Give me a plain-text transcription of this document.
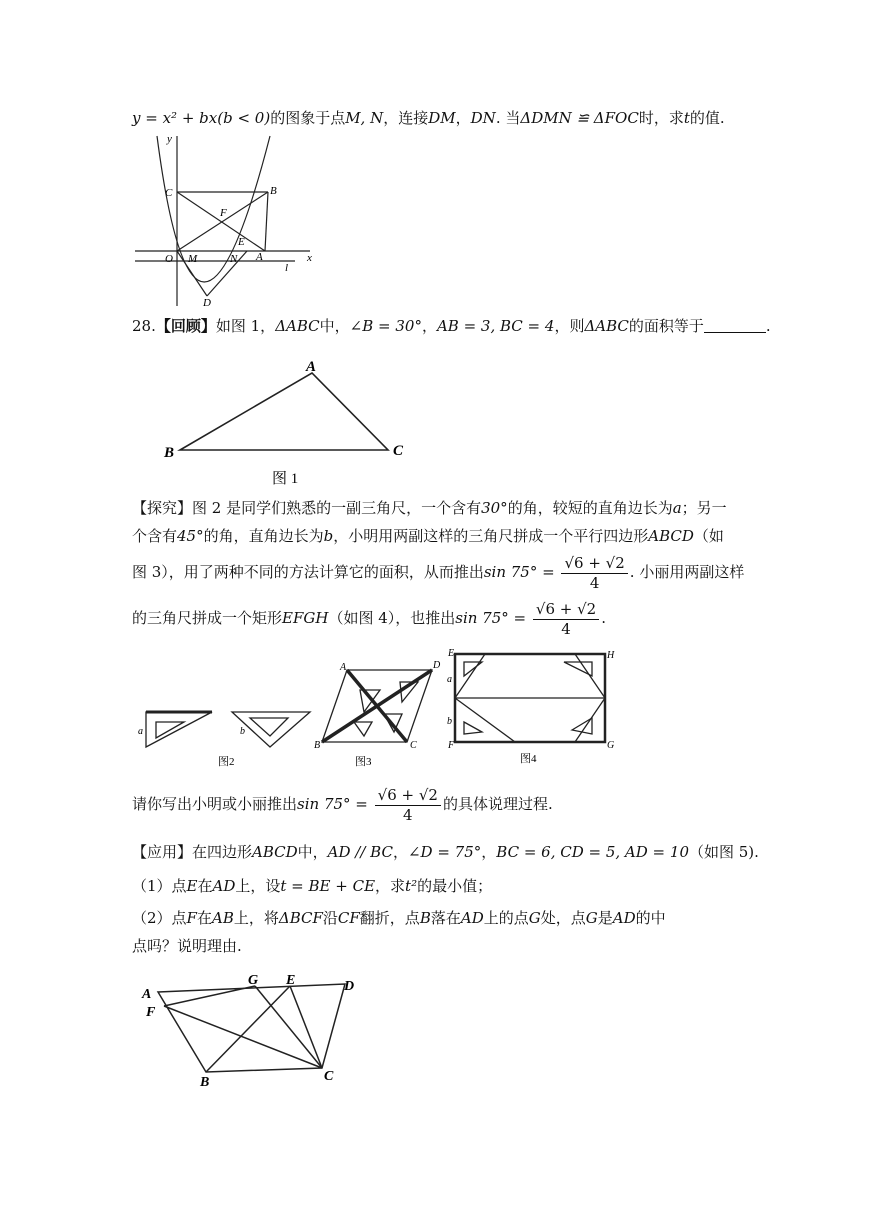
y = x² + bx(b < 0)的图象于点M, N，连接DM，DN. 当ΔDMN ≌ ΔFOC时，求t的值.
y
C	B
F
E
O M	N A
l
x
D
28.【回顾】如图 1，ΔABC中，∠B = 30°，AB = 3, BC = 4，则ΔABC的面积等于	.
A
B	C
图 1
【探究】图 2 是同学们熟悉的一副三角尺，一个含有30°的角，较短的直角边长为a；另一
个含有45°的角，直角边长为b，小明用两副这样的三角尺拼成一个平行四边形ABCD（如
图 3），用了两种不同的方法计算它的面积，从而推出$\sin 75^\circ = \frac{√6 + √2}{4}$ . 小丽用两副这样
的三角尺拼成一个矩形EFGH（如图 4），也推出$\sin 75^\circ = \frac{√6 + √2}{4}$ .
a	b
图2
A	D
B	C
图3
E	H
F	G
a
b
图4
请你写出小明或小丽推出$\sin 75^\circ = \frac{√6 + √2}{4}$ 的具体说理过程.
【应用】在四边形ABCD中，AD // BC，∠D = 75°，BC = 6, CD = 5, AD = 10（如图 5).
（1）点E在AD上，设t = BE + CE，求t²的最小值；
（2）点F在AB上，将ΔBCF沿CF翻折，点B落在AD上的点G处，点G是AD的中
点吗？说明理由.
A
G E	D
F
B	C
